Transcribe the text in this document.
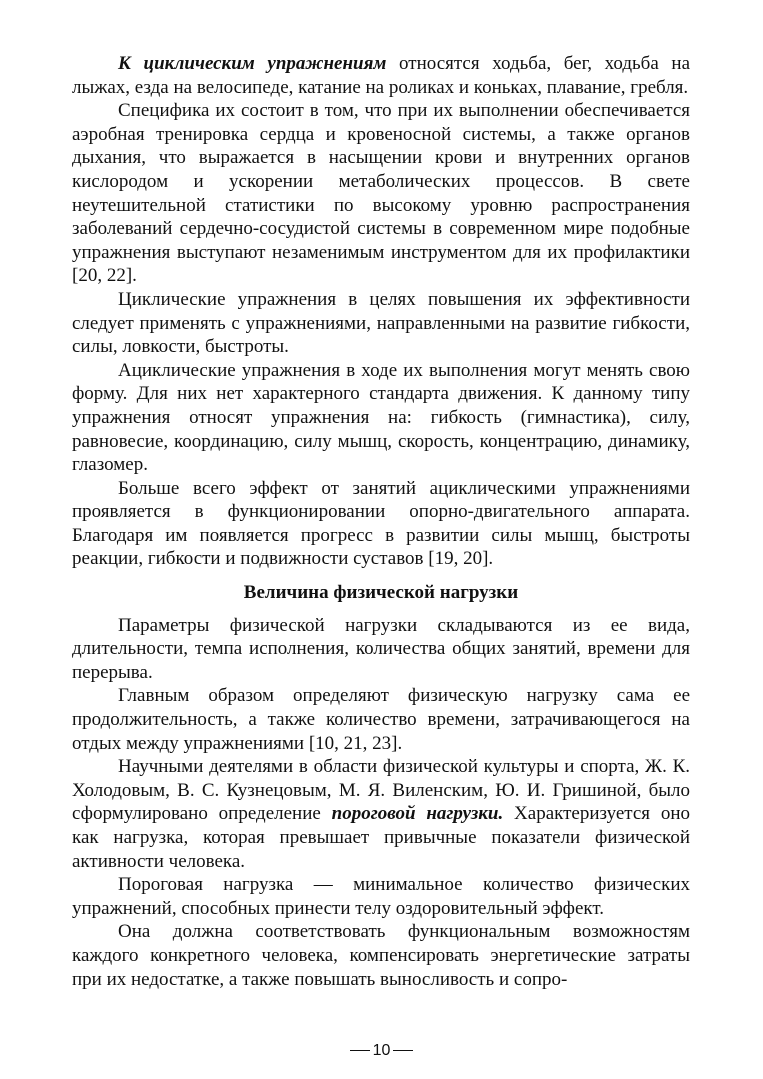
К циклическим упражнениям относятся ходьба, бег, ходьба на лыжах, езда на велосипеде, катание на роликах и коньках, плавание, гребля.

Специфика их состоит в том, что при их выполнении обеспечивается аэробная тренировка сердца и кровеносной системы, а также органов дыхания, что выражается в насыщении крови и внутренних органов кислородом и ускорении метаболических процессов. В свете неутешительной статистики по высокому уровню распространения заболеваний сердечно-сосудистой системы в современном мире подобные упражнения выступают незаменимым инструментом для их профилактики [20, 22].

Циклические упражнения в целях повышения их эффективности следует применять с упражнениями, направленными на развитие гибкости, силы, ловкости, быстроты.

Ациклические упражнения в ходе их выполнения могут менять свою форму. Для них нет характерного стандарта движения. К данному типу упражнения относят упражнения на: гибкость (гимнастика), силу, равновесие, координацию, силу мышц, скорость, концентрацию, динамику, глазомер.

Больше всего эффект от занятий ациклическими упражнениями проявляется в функционировании опорно-двигательного аппарата. Благодаря им появляется прогресс в развитии силы мышц, быстроты реакции, гибкости и подвижности суставов [19, 20].

Величина физической нагрузки

Параметры физической нагрузки складываются из ее вида, длительности, темпа исполнения, количества общих занятий, времени для перерыва.

Главным образом определяют физическую нагрузку сама ее продолжительность, а также количество времени, затрачивающегося на отдых между упражнениями [10, 21, 23].

Научными деятелями в области физической культуры и спорта, Ж. К. Холодовым, В. С. Кузнецовым, М. Я. Виленским, Ю. И. Гришиной, было сформулировано определение пороговой нагрузки. Характеризуется оно как нагрузка, которая превышает привычные показатели физической активности человека.

Пороговая нагрузка — минимальное количество физических упражнений, способных принести телу оздоровительный эффект.

Она должна соответствовать функциональным возможностям каждого конкретного человека, компенсировать энергетические затраты при их недостатке, а также повышать выносливость и сопро-

10
